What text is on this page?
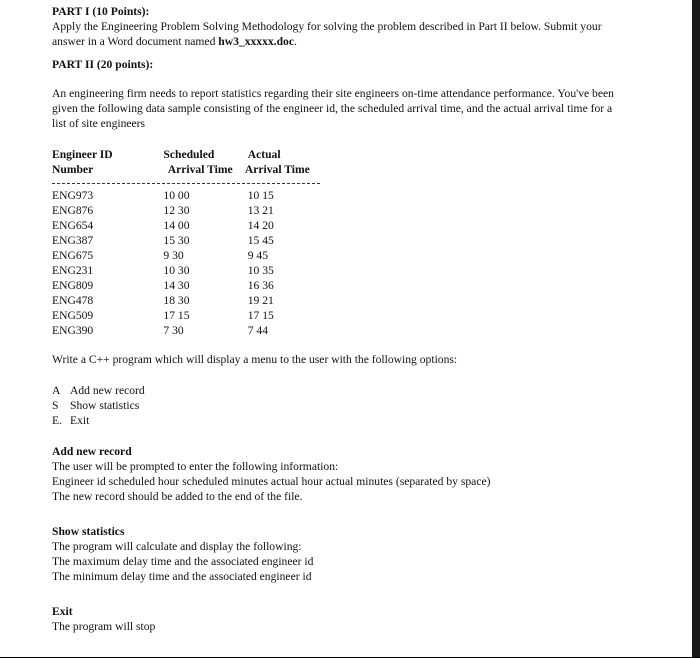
PART I (10 Points):

Apply the Engineering Problem Solving Methodology for solving the problem described in Part II below. Submit your

answer in a Word document named hw3_xxxxx.doc.

PART II (20 points):

An engineering firm needs to report statistics regarding their site engineers on-time attendance performance. You've been

given the following data sample consisting of the engineer id, the scheduled arrival time, and the actual arrival time for a

list of site engineers

Engineer ID	Scheduled	Actual
Number	Arrival Time	Arrival Time
ENG973	10 00	10 15
ENG876	12 30	13 21
ENG654	14 00	14 20
ENG387	15 30	15 45
ENG675	9 30	9 45
ENG231	10 30	10 35
ENG809	14 30	16 36
ENG478	18 30	19 21
ENG509	17 15	17 15
ENG390	7 30	7 44

Write a C++ program which will display a menu to the user with the following options:

A Add new record
S Show statistics
E. Exit

Add new record

The user will be prompted to enter the following information:

Engineer id scheduled hour scheduled minutes actual hour actual minutes (separated by space)

The new record should be added to the end of the file.

Show statistics

The program will calculate and display the following:

The maximum delay time and the associated engineer id

The minimum delay time and the associated engineer id

Exit

The program will stop
